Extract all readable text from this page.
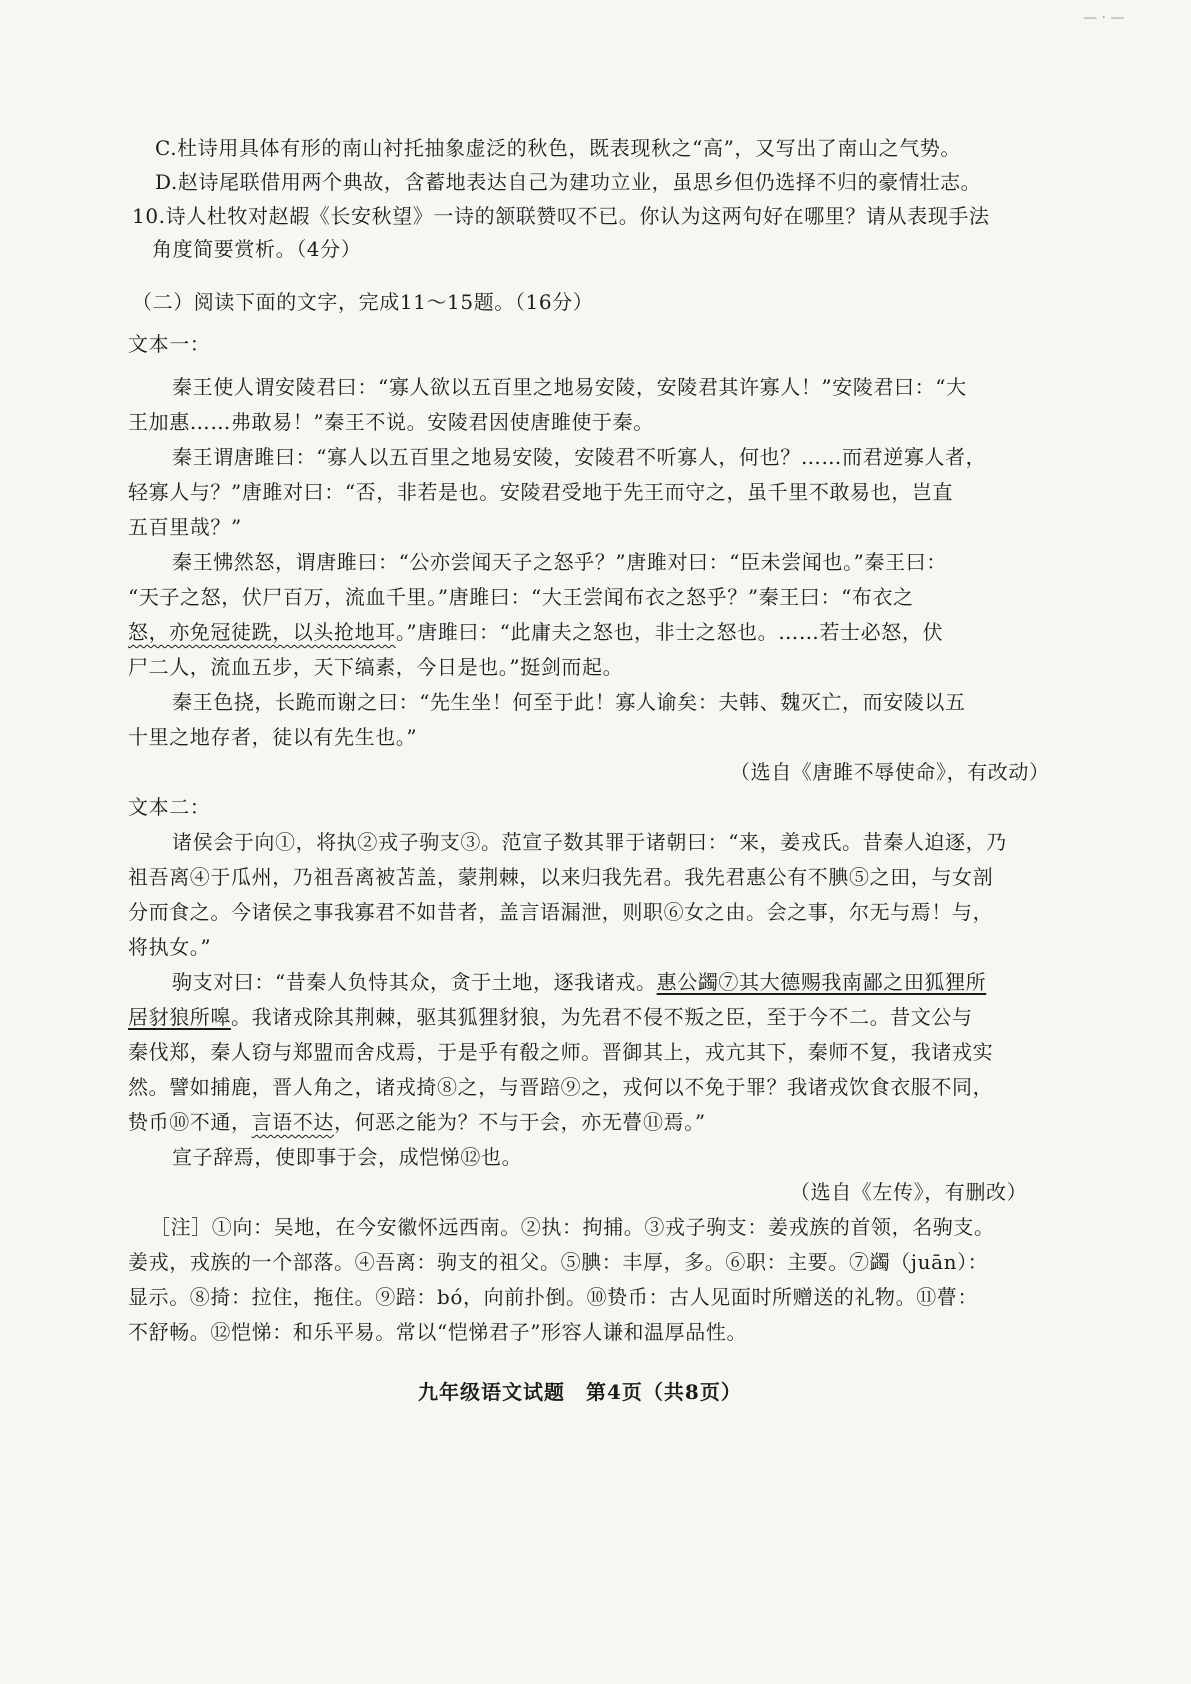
— · —
C.杜诗用具体有形的南山衬托抽象虚泛的秋色，既表现秋之“高”，又写出了南山之气势。
D.赵诗尾联借用两个典故，含蓄地表达自己为建功立业，虽思乡但仍选择不归的豪情壮志。
10.诗人杜牧对赵嘏《长安秋望》一诗的颔联赞叹不已。你认为这两句好在哪里？请从表现手法
角度简要赏析。（4分）
（二）阅读下面的文字，完成11～15题。（16分）
文本一：
秦王使人谓安陵君曰：“寡人欲以五百里之地易安陵，安陵君其许寡人！”安陵君曰：“大
王加惠……弗敢易！”秦王不说。安陵君因使唐雎使于秦。
秦王谓唐雎曰：“寡人以五百里之地易安陵，安陵君不听寡人，何也？……而君逆寡人者，
轻寡人与？”唐雎对曰：“否，非若是也。安陵君受地于先王而守之，虽千里不敢易也，岂直
五百里哉？”
秦王怫然怒，谓唐雎曰：“公亦尝闻天子之怒乎？”唐雎对曰：“臣未尝闻也。”秦王曰：
“天子之怒，伏尸百万，流血千里。”唐雎曰：“大王尝闻布衣之怒乎？”秦王曰：“布衣之
怒，亦免冠徒跣，以头抢地耳。”唐雎曰：“此庸夫之怒也，非士之怒也。……若士必怒，伏
尸二人，流血五步，天下缟素，今日是也。”挺剑而起。
秦王色挠，长跪而谢之曰：“先生坐！何至于此！寡人谕矣：夫韩、魏灭亡，而安陵以五
十里之地存者，徒以有先生也。”
（选自《唐雎不辱使命》，有改动）
文本二：
诸侯会于向①，将执②戎子驹支③。范宣子数其罪于诸朝曰：“来，姜戎氏。昔秦人迫逐，乃
祖吾离④于瓜州，乃祖吾离被苫盖，蒙荆棘，以来归我先君。我先君惠公有不腆⑤之田，与女剖
分而食之。今诸侯之事我寡君不如昔者，盖言语漏泄，则职⑥女之由。会之事，尔无与焉！与，
将执女。”
驹支对曰：“昔秦人负恃其众，贪于土地，逐我诸戎。惠公蠲⑦其大德赐我南鄙之田狐狸所
居豺狼所嗥。我诸戎除其荆棘，驱其狐狸豺狼，为先君不侵不叛之臣，至于今不二。昔文公与
秦伐郑，秦人窃与郑盟而舍戍焉，于是乎有殽之师。晋御其上，戎亢其下，秦师不复，我诸戎实
然。譬如捕鹿，晋人角之，诸戎掎⑧之，与晋踣⑨之，戎何以不免于罪？我诸戎饮食衣服不同，
贽币⑩不通，言语不达，何恶之能为？不与于会，亦无瞢⑪焉。”
宣子辞焉，使即事于会，成恺悌⑫也。
（选自《左传》，有删改）
［注］①向：吴地，在今安徽怀远西南。②执：拘捕。③戎子驹支：姜戎族的首领，名驹支。
姜戎，戎族的一个部落。④吾离：驹支的祖父。⑤腆：丰厚，多。⑥职：主要。⑦蠲（juān）：
显示。⑧掎：拉住，拖住。⑨踣：bó，向前扑倒。⑩贽币：古人见面时所赠送的礼物。⑪瞢：
不舒畅。⑫恺悌：和乐平易。常以“恺悌君子”形容人谦和温厚品性。
九年级语文试题　第4页（共8页）
